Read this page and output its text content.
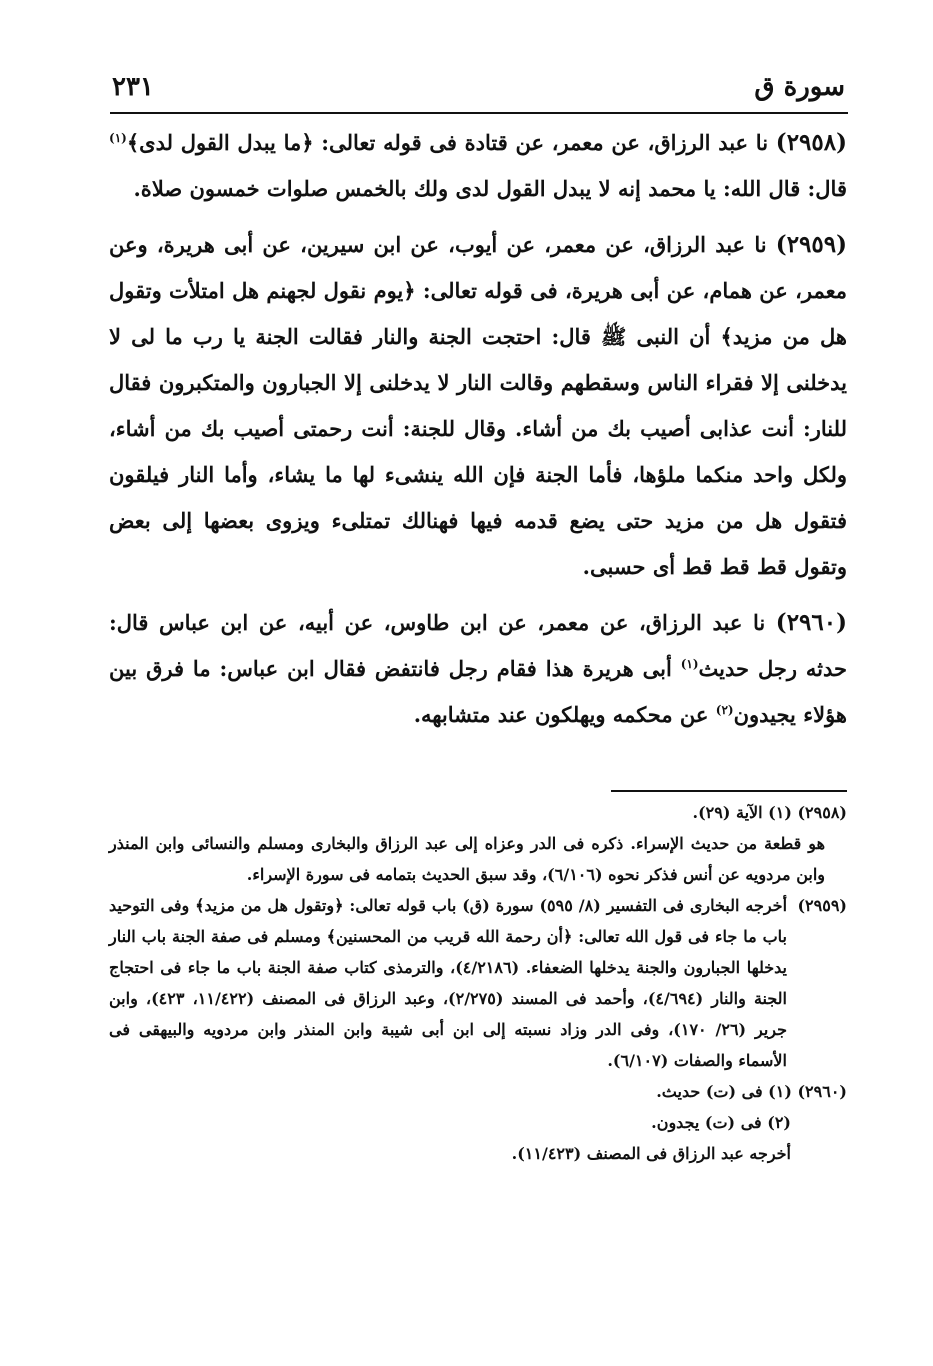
سورة ق
٢٣١

(٢٩٥٨) نا عبد الرزاق، عن معمر، عن قتادة فى قوله تعالى: ﴿ما يبدل القول لدى﴾$^{(١)}$ قال: قال الله: يا محمد إنه لا يبدل القول لدى ولك بالخمس صلوات خمسون صلاة.

(٢٩٥٩) نا عبد الرزاق، عن معمر، عن أيوب، عن ابن سيرين، عن أبى هريرة، وعن معمر، عن همام، عن أبى هريرة، فى قوله تعالى: ﴿يوم نقول لجهنم هل امتلأت وتقول هل من مزيد﴾ أن النبى ﷺ قال: احتجت الجنة والنار فقالت الجنة يا رب ما لى لا يدخلنى إلا فقراء الناس وسقطهم وقالت النار لا يدخلنى إلا الجبارون والمتكبرون فقال للنار: أنت عذابى أصيب بك من أشاء. وقال للجنة: أنت رحمتى أصيب بك من أشاء، ولكل واحد منكما ملؤها، فأما الجنة فإن الله ينشىء لها ما يشاء، وأما النار فيلقون فتقول هل من مزيد حتى يضع قدمه فيها فهنالك تمتلىء ويزوى بعضها إلى بعض وتقول قط قط قط أى حسبى.

(٢٩٦٠) نا عبد الرزاق، عن معمر، عن ابن طاوس، عن أبيه، عن ابن عباس قال: حدثه رجل حديث$^{(١)}$ أبى هريرة هذا فقام رجل فانتفض فقال ابن عباس: ما فرق بين هؤلاء يجيدون$^{(٢)}$ عن محكمه ويهلكون عند متشابهه.

(٢٩٥٨) (١) الآية (٢٩).

هو قطعة من حديث الإسراء. ذكره فى الدر وعزاه إلى عبد الرزاق والبخارى ومسلم والنسائى وابن المنذر وابن مردويه عن أنس فذكر نحوه (٦/١٠٦)، وقد سبق الحديث بتمامه فى سورة الإسراء.

(٢٩٥٩)
أخرجه البخارى فى التفسير (٨/ ٥٩٥) سورة (ق) باب قوله تعالى: ﴿وتقول هل من مزيد﴾ وفى التوحيد باب ما جاء فى قول الله تعالى: ﴿أن رحمة الله قريب من المحسنين﴾ ومسلم فى صفة الجنة باب النار يدخلها الجبارون والجنة يدخلها الضعفاء. (٤/٢١٨٦)، والترمذى كتاب صفة الجنة باب ما جاء فى احتجاج الجنة والنار (٤/٦٩٤)، وأحمد فى المسند (٢/٢٧٥)، وعبد الرزاق فى المصنف (١١/٤٢٢، ٤٢٣)، وابن جرير (٢٦/ ١٧٠)، وفى الدر وزاد نسبته إلى ابن أبى شيبة وابن المنذر وابن مردويه والبيهقى فى الأسماء والصفات (٦/١٠٧).

(٢٩٦٠) (١) فى (ت) حديث.

(٢) فى (ت) يجدون.

أخرجه عبد الرزاق فى المصنف (١١/٤٢٣).
